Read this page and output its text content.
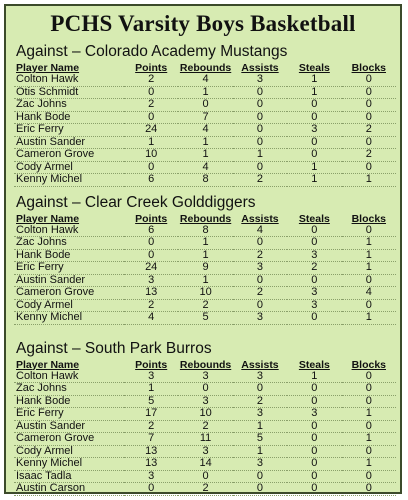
PCHS Varsity Boys Basketball
Against – Colorado Academy Mustangs
Player Name	Points	Rebounds	Assists	Steals	Blocks
Colton Hawk	2	4	3	1	0
Otis Schmidt	0	1	0	1	0
Zac Johns	2	0	0	0	0
Hank Bode	0	7	0	0	0
Eric Ferry	24	4	0	3	2
Austin Sander	1	1	0	0	0
Cameron Grove	10	1	1	0	2
Cody Armel	0	4	0	1	0
Kenny Michel	6	8	2	1	1
Against – Clear Creek Golddiggers
Player Name	Points	Rebounds	Assists	Steals	Blocks
Colton Hawk	6	8	4	0	0
Zac Johns	0	1	0	0	1
Hank Bode	0	1	2	3	1
Eric Ferry	24	9	3	2	1
Austin Sander	3	1	0	0	0
Cameron Grove	13	10	2	3	4
Cody Armel	2	2	0	3	0
Kenny Michel	4	5	3	0	1
Against – South Park Burros
Player Name	Points	Rebounds	Assists	Steals	Blocks
Colton Hawk	3	3	3	1	0
Zac Johns	1	0	0	0	0
Hank Bode	5	3	2	0	0
Eric Ferry	17	10	3	3	1
Austin Sander	2	2	1	0	0
Cameron Grove	7	11	5	0	1
Cody Armel	13	3	1	0	0
Kenny Michel	13	14	3	0	1
Isaac Tadla	3	0	0	0	0
Austin Carson	0	2	0	0	0
